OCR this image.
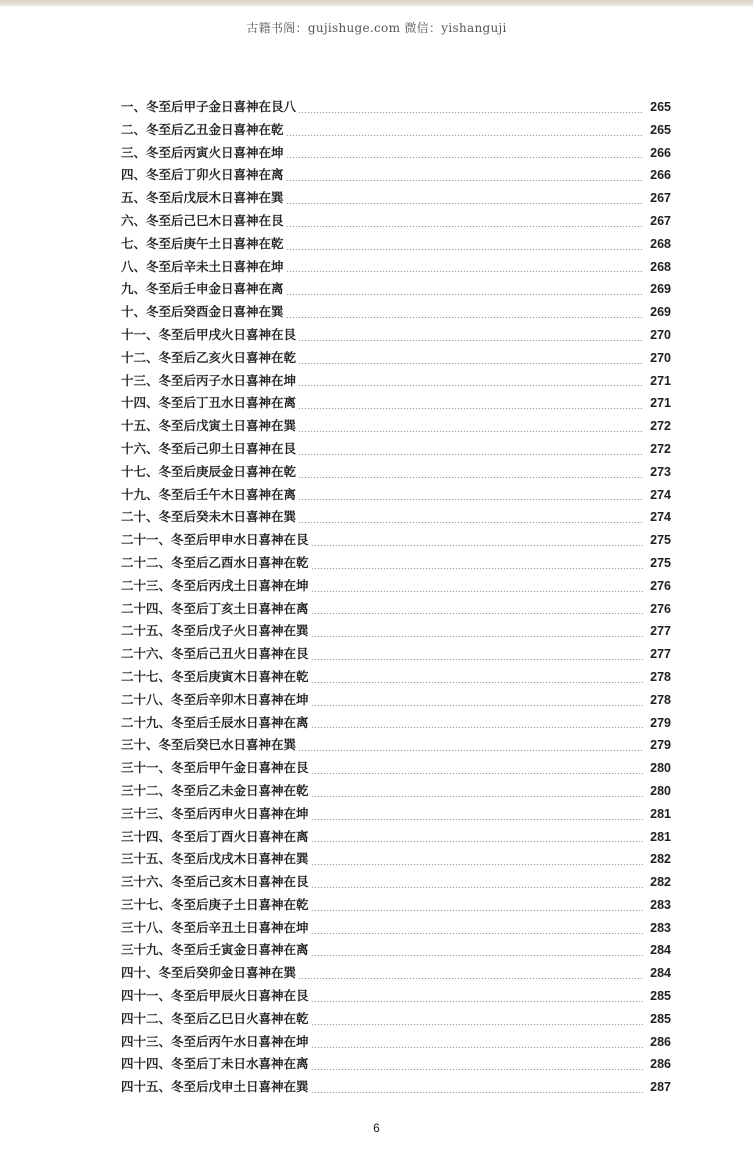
古籍书阁：gujishuge.com 微信：yishanguji
一、冬至后甲子金日喜神在艮八	265
二、冬至后乙丑金日喜神在乾	265
三、冬至后丙寅火日喜神在坤	266
四、冬至后丁卯火日喜神在离	266
五、冬至后戊辰木日喜神在巽	267
六、冬至后己巳木日喜神在艮	267
七、冬至后庚午土日喜神在乾	268
八、冬至后辛未土日喜神在坤	268
九、冬至后壬申金日喜神在离	269
十、冬至后癸酉金日喜神在巽	269
十一、冬至后甲戌火日喜神在艮	270
十二、冬至后乙亥火日喜神在乾	270
十三、冬至后丙子水日喜神在坤	271
十四、冬至后丁丑水日喜神在离	271
十五、冬至后戊寅土日喜神在巽	272
十六、冬至后己卯土日喜神在艮	272
十七、冬至后庚辰金日喜神在乾	273
十九、冬至后壬午木日喜神在离	274
二十、冬至后癸未木日喜神在巽	274
二十一、冬至后甲申水日喜神在艮	275
二十二、冬至后乙酉水日喜神在乾	275
二十三、冬至后丙戌土日喜神在坤	276
二十四、冬至后丁亥土日喜神在离	276
二十五、冬至后戊子火日喜神在巽	277
二十六、冬至后己丑火日喜神在艮	277
二十七、冬至后庚寅木日喜神在乾	278
二十八、冬至后辛卯木日喜神在坤	278
二十九、冬至后壬辰水日喜神在离	279
三十、冬至后癸巳水日喜神在巽	279
三十一、冬至后甲午金日喜神在艮	280
三十二、冬至后乙未金日喜神在乾	280
三十三、冬至后丙申火日喜神在坤	281
三十四、冬至后丁酉火日喜神在离	281
三十五、冬至后戊戌木日喜神在巽	282
三十六、冬至后己亥木日喜神在艮	282
三十七、冬至后庚子土日喜神在乾	283
三十八、冬至后辛丑土日喜神在坤	283
三十九、冬至后壬寅金日喜神在离	284
四十、冬至后癸卯金日喜神在巽	284
四十一、冬至后甲辰火日喜神在艮	285
四十二、冬至后乙巳日火喜神在乾	285
四十三、冬至后丙午水日喜神在坤	286
四十四、冬至后丁未日水喜神在离	286
四十五、冬至后戊申土日喜神在巽	287
6
